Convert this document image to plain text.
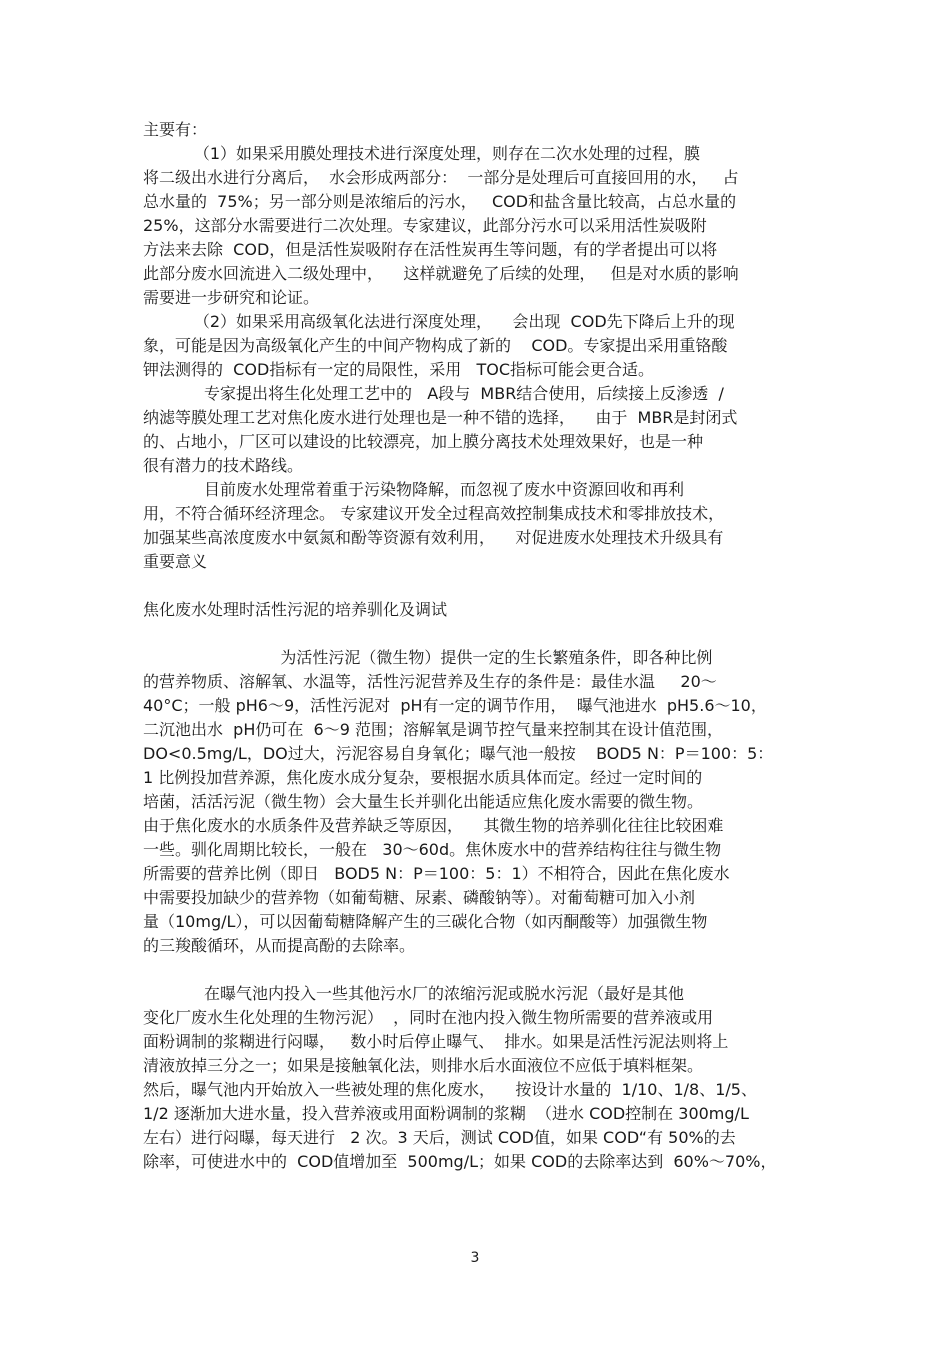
主要有：
（1）如果采用膜处理技术进行深度处理，则存在二次水处理的过程，膜
将二级出水进行分离后，  水会形成两部分：  一部分是处理后可直接回用的水，   占
总水量的  75%；另一部分则是浓缩后的污水，   COD和盐含量比较高，占总水量的
25%，这部分水需要进行二次处理。专家建议，此部分污水可以采用活性炭吸附
方法来去除  COD，但是活性炭吸附存在活性炭再生等问题，有的学者提出可以将
此部分废水回流进入二级处理中，    这样就避免了后续的处理，   但是对水质的影响
需要进一步研究和论证。
（2）如果采用高级氧化法进行深度处理，    会出现  COD先下降后上升的现
象，可能是因为高级氧化产生的中间产物构成了新的    COD。专家提出采用重铬酸
钾法测得的  COD指标有一定的局限性，采用   TOC指标可能会更合适。
专家提出将生化处理工艺中的   A段与  MBR结合使用，后续接上反渗透  /
纳滤等膜处理工艺对焦化废水进行处理也是一种不错的选择，    由于  MBR是封闭式
的、占地小，厂区可以建设的比较漂亮，加上膜分离技术处理效果好，也是一种
很有潜力的技术路线。
目前废水处理常着重于污染物降解，而忽视了废水中资源回收和再利
用，不符合循环经济理念。 专家建议开发全过程高效控制集成技术和零排放技术，
加强某些高浓度废水中氨氮和酚等资源有效利用，    对促进废水处理技术升级具有
重要意义
焦化废水处理时活性污泥的培养驯化及调试
为活性污泥（微生物）提供一定的生长繁殖条件，即各种比例
的营养物质、溶解氧、水温等，活性污泥营养及生存的条件是：最佳水温     20～
40°C；一般 pH6～9，活性污泥对  pH有一定的调节作用，  曝气池进水  pH5.6～10，
二沉池出水  pH仍可在  6～9 范围；溶解氧是调节控气量来控制其在设计值范围，
DO<0.5mg/L，DO过大，污泥容易自身氧化；曝气池一般按    BOD5 N：P＝100：5：
1 比例投加营养源，焦化废水成分复杂，要根据水质具体而定。经过一定时间的
培菌，活活污泥（微生物）会大量生长并驯化出能适应焦化废水需要的微生物。
由于焦化废水的水质条件及营养缺乏等原因，    其微生物的培养驯化往往比较困难
一些。驯化周期比较长，一般在   30～60d。焦休废水中的营养结构往往与微生物
所需要的营养比例（即日   BOD5 N：P＝100：5：1）不相符合，因此在焦化废水
中需要投加缺少的营养物（如葡萄糖、尿素、磷酸钠等）。对葡萄糖可加入小剂
量（10mg/L），可以因葡萄糖降解产生的三碳化合物（如丙酮酸等）加强微生物
的三羧酸循环，从而提高酚的去除率。
在曝气池内投入一些其他污水厂的浓缩污泥或脱水污泥（最好是其他
变化厂废水生化处理的生物污泥）  ，同时在池内投入微生物所需要的营养液或用
面粉调制的浆糊进行闷曝，   数小时后停止曝气、  排水。如果是活性污泥法则将上
清液放掉三分之一；如果是接触氧化法，则排水后水面液位不应低于填料框架。
然后，曝气池内开始放入一些被处理的焦化废水，    按设计水量的  1/10、1/8、1/5、
1/2 逐渐加大进水量，投入营养液或用面粉调制的浆糊  （进水 COD控制在 300mg/L
左右）进行闷曝，每天进行   2 次。3 天后，测试 COD值，如果 COD“有 50%的去
除率，可使进水中的  COD值增加至  500mg/L；如果 COD的去除率达到  60%～70%，
3
